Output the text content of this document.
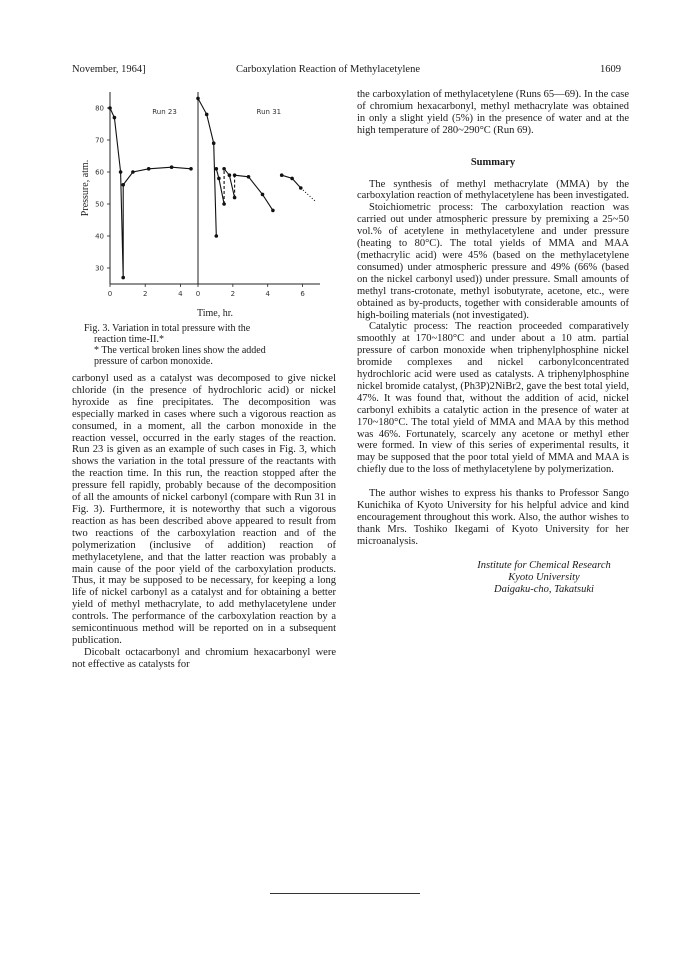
November, 1964]	Carboxylation Reaction of Methylacetylene	1609
30
40
50
60
70
80
Pressure, atm.
Time, hr.
0	2	4
Run 23
0	2	4	6
Run 31
Fig. 3. Variation in total pressure with the
reaction time-II.*
* The vertical broken lines show the added
pressure of carbon monoxide.

carbonyl used as a catalyst was decomposed to give nickel chloride (in the presence of hydrochloric acid) or nickel hyroxide as fine precipitates. The decomposition was especially marked in cases where such a vigorous reaction as consumed, in a moment, all the carbon monoxide in the reaction vessel, occurred in the early stages of the reaction. Run 23 is given as an example of such cases in Fig. 3, which shows the variation in the total pressure of the reactants with the reaction time. In this run, the reaction stopped after the pressure fell rapidly, probably because of the decomposition of all the amounts of nickel carbonyl (compare with Run 31 in Fig. 3). Furthermore, it is noteworthy that such a vigorous reaction as has been described above appeared to result from two reactions of the carboxylation reaction and of the polymerization (inclusive of addition) reaction of methylacetylene, and that the latter reaction was probably a main cause of the poor yield of the carboxylation products. Thus, it may be supposed to be necessary, for keeping a long life of nickel carbonyl as a catalyst and for obtaining a better yield of methyl methacrylate, to add methylacetylene under controls. The performance of the carboxylation reaction by a semicontinuous method will be reported on in a subsequent publication.

Dicobalt octacarbonyl and chromium hexacarbonyl were not effective as catalysts for

the carboxylation of methylacetylene (Runs 65—69). In the case of chromium hexacarbonyl, methyl methacrylate was obtained in only a slight yield (5%) in the presence of water and at the high temperature of 280~290°C (Run 69).

Summary

The synthesis of methyl methacrylate (MMA) by the carboxylation reaction of methylacetylene has been investigated.

Stoichiometric process: The carboxylation reaction was carried out under atmospheric pressure by premixing a 25~50 vol.% of acetylene in methylacetylene and under pressure (heating to 80°C). The total yields of MMA and MAA (methacrylic acid) were 45% (based on the methylacetylene consumed) under atmospheric pressure and 49% (66% (based on the nickel carbonyl used)) under pressure. Small amounts of methyl trans-crotonate, methyl isobutyrate, acetone, etc., were obtained as by-products, together with considerable amounts of high-boiling materials (not investigated).

Catalytic process: The reaction proceeded comparatively smoothly at 170~180°C and under about a 10 atm. partial pressure of carbon monoxide when triphenylphosphine nickel bromide complexes and nickel carbonylconcentrated hydrochloric acid were used as catalysts. A triphenylphosphine nickel bromide catalyst, (Ph3P)2NiBr2, gave the best total yield, 47%. It was found that, without the addition of acid, nickel carbonyl exhibits a catalytic action in the presence of water at 170~180°C. The total yield of MMA and MAA by this method was 46%. Fortunately, scarcely any acetone or methyl ether were formed. In view of this series of experimental results, it may be supposed that the poor total yield of MMA and MAA is chiefly due to the loss of methylacetylene by polymerization.

The author wishes to express his thanks to Professor Sango Kunichika of Kyoto University for his helpful advice and kind encouragement throughout this work. Also, the author wishes to thank Mrs. Toshiko Ikegami of Kyoto University for her microanalysis.

Institute for Chemical Research
Kyoto University
Daigaku-cho, Takatsuki
